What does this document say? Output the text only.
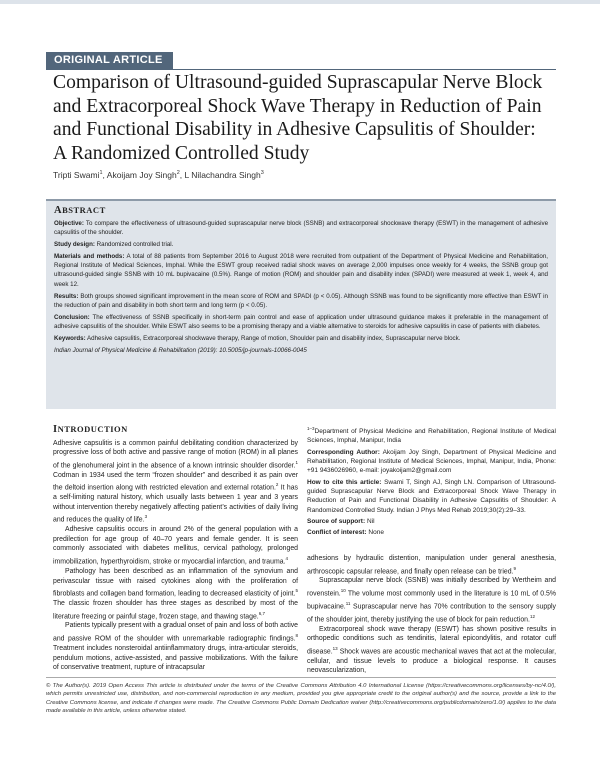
ORIGINAL ARTICLE
Comparison of Ultrasound-guided Suprascapular Nerve Block
and Extracorporeal Shock Wave Therapy in Reduction of Pain
and Functional Disability in Adhesive Capsulitis of Shoulder:
A Randomized Controlled Study
Tripti Swami$^1$, Akoijam Joy Singh$^2$, L Nilachandra Singh$^3$
ABSTRACT

Objective: To compare the effectiveness of ultrasound-guided suprascapular nerve block (SSNB) and extracorporeal shockwave therapy (ESWT) in the management of adhesive capsulitis of the shoulder.

Study design: Randomized controlled trial.

Materials and methods: A total of 88 patients from September 2016 to August 2018 were recruited from outpatient of the Department of Physical Medicine and Rehabilitation, Regional Institute of Medical Sciences, Imphal. While the ESWT group received radial shock waves on average 2,000 impulses once weekly for 4 weeks, the SSNB group got ultrasound-guided single SSNB with 10 mL bupivacaine (0.5%). Range of motion (ROM) and shoulder pain and disability index (SPADI) were measured at week 1, week 4, and week 12.

Results: Both groups showed significant improvement in the mean score of ROM and SPADI (p < 0.05). Although SSNB was found to be significantly more effective than ESWT in the reduction of pain and disability in both short term and long term (p < 0.05).

Conclusion: The effectiveness of SSNB specifically in short-term pain control and ease of application under ultrasound guidance makes it preferable in the management of adhesive capsulitis of the shoulder. While ESWT also seems to be a promising therapy and a viable alternative to steroids for adhesive capsulitis in case of patients with diabetes.

Keywords: Adhesive capsulitis, Extracorporeal shockwave therapy, Range of motion, Shoulder pain and disability index, Suprascapular nerve block.

Indian Journal of Physical Medicine & Rehabilitation (2019): 10.5005/jp-journals-10066-0045

INTRODUCTION

Adhesive capsulitis is a common painful debilitating condition characterized by progressive loss of both active and passive range of motion (ROM) in all planes of the glenohumeral joint in the absence of a known intrinsic shoulder disorder.$^1$ Codman in 1934 used the term “frozen shoulder” and described it as pain over the deltoid insertion along with restricted elevation and external rotation.$^2$ It has a self-limiting natural history, which usually lasts between 1 year and 3 years without intervention thereby negatively affecting patient’s activities of daily living and reduces the quality of life.$^3$

Adhesive capsulitis occurs in around 2% of the general population with a predilection for age group of 40–70 years and female gender. It is seen commonly associated with diabetes mellitus, cervical pathology, prolonged immobilization, hyperthyroidism, stroke or myocardial infarction, and trauma.$^4$

Pathology has been described as an inflammation of the synovium and perivascular tissue with raised cytokines along with the proliferation of fibroblasts and collagen band formation, leading to decreased elasticity of joint.$^5$ The classic frozen shoulder has three stages as described by most of the literature freezing or painful stage, frozen stage, and thawing stage.$^{6,7}$

Patients typically present with a gradual onset of pain and loss of both active and passive ROM of the shoulder with unremarkable radiographic findings.$^8$ Treatment includes nonsteroidal antiinflammatory drugs, intra-articular steroids, pendulum motions, active-assisted, and passive mobilizations. With the failure of conservative treatment, rupture of intracapsular

$^{1-3}$Department of Physical Medicine and Rehabilitation, Regional Institute of Medical Sciences, Imphal, Manipur, India

Corresponding Author: Akoijam Joy Singh, Department of Physical Medicine and Rehabilitation, Regional Institute of Medical Sciences, Imphal, Manipur, India, Phone: +91 9436026960, e-mail: joyakoijam2@gmail.com

How to cite this article: Swami T, Singh AJ, Singh LN. Comparison of Ultrasound-guided Suprascapular Nerve Block and Extracorporeal Shock Wave Therapy in Reduction of Pain and Functional Disability in Adhesive Capsulitis of Shoulder: A Randomized Controlled Study. Indian J Phys Med Rehab 2019;30(2):29–33.

Source of support: Nil

Conflict of interest: None

adhesions by hydraulic distention, manipulation under general anesthesia, arthroscopic capsular release, and finally open release can be tried.$^9$

Suprascapular nerve block (SSNB) was initially described by Wertheim and rovenstein.$^{10}$ The volume most commonly used in the literature is 10 mL of 0.5% bupivacaine.$^{11}$ Suprascapular nerve has 70% contribution to the sensory supply of the shoulder joint, thereby justifying the use of block for pain reduction.$^{12}$

Extracorporeal shock wave therapy (ESWT) has shown positive results in orthopedic conditions such as tendinitis, lateral epicondylitis, and rotator cuff disease.$^{13}$ Shock waves are acoustic mechanical waves that act at the molecular, cellular, and tissue levels to produce a biological response. It causes neovascularization,

© The Author(s). 2019 Open Access This article is distributed under the terms of the Creative Commons Attribution 4.0 International License (https://creativecommons.org/licenses/by-nc/4.0/), which permits unrestricted use, distribution, and non-commercial reproduction in any medium, provided you give appropriate credit to the original author(s) and the source, provide a link to the Creative Commons license, and indicate if changes were made. The Creative Commons Public Domain Dedication waiver (http://creativecommons.org/publicdomain/zero/1.0/) applies to the data made available in this article, unless otherwise stated.
